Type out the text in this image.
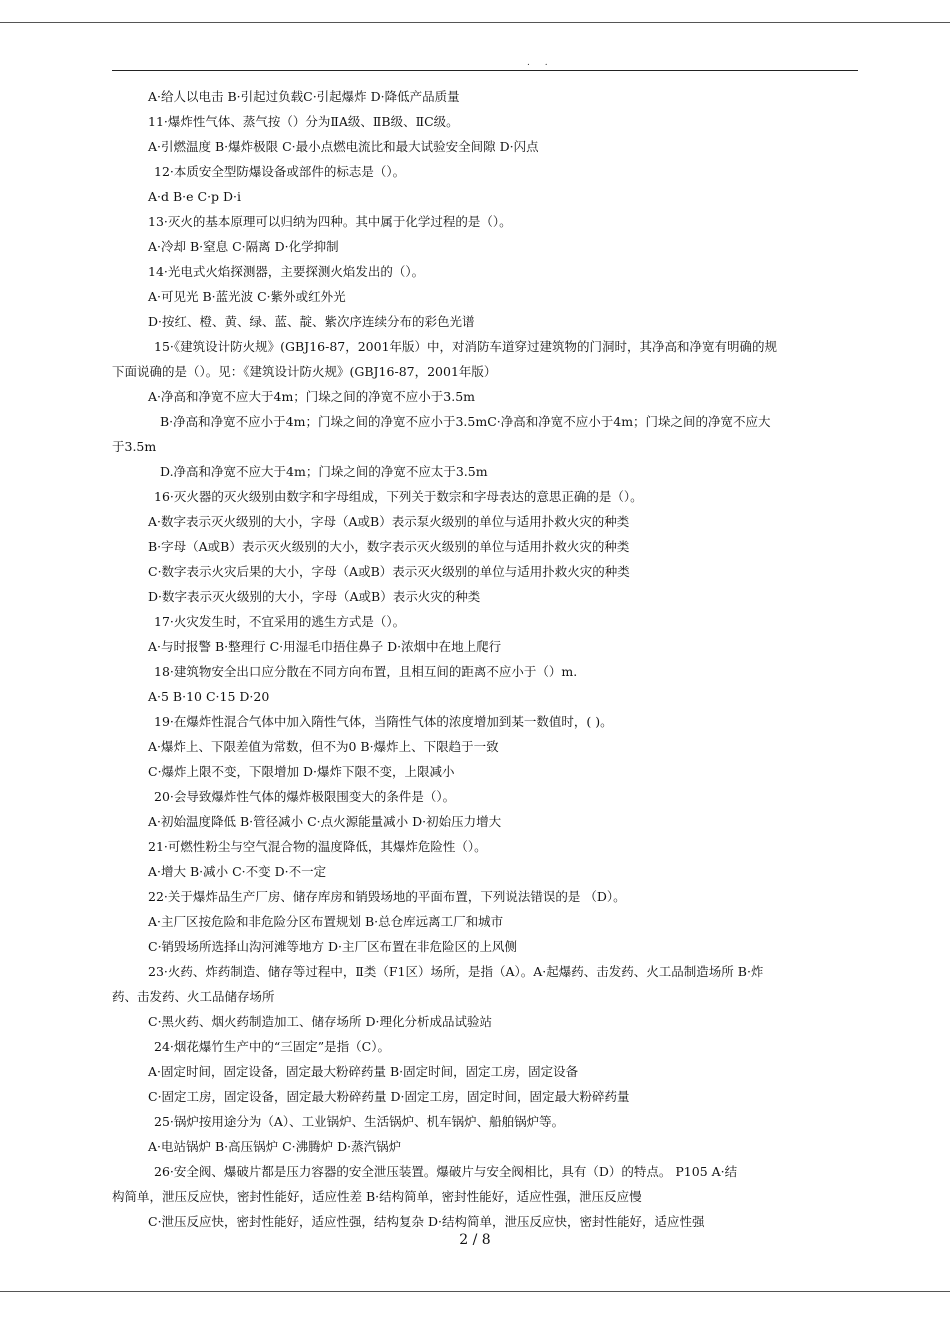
. .
A·给人以电击 B·引起过负载C·引起爆炸 D·降低产品质量
11·爆炸性气体、蒸气按（）分为ⅡA级、ⅡB级、ⅡC级。
A·引燃温度 B·爆炸极限 C·最小点燃电流比和最大试验安全间隙 D·闪点
12·本质安全型防爆设备或部件的标志是（）。
A·d B·e C·p D·i
13·灭火的基本原理可以归纳为四种。其中属于化学过程的是（）。
A·冷却 B·窒息 C·隔离 D·化学抑制
14·光电式火焰探测器，主要探测火焰发出的（）。
A·可见光 B·蓝光波 C·紫外或红外光
D·按红、橙、黄、绿、蓝、靛、紫次序连续分布的彩色光谱
15·《建筑设计防火规》(GBJ16-87，2001年版）中，对消防车道穿过建筑物的门洞时，其净高和净宽有明确的规
下面说确的是（）。见：《建筑设计防火规》(GBJ16-87，2001年版）
A·净高和净宽不应大于4m；门垛之间的净宽不应小于3.5m
B·净高和净宽不应小于4m；门垛之间的净宽不应小于3.5mC·净高和净宽不应小于4m；门垛之间的净宽不应大
于3.5m
D.净高和净宽不应大于4m；门垛之间的净宽不应太于3.5m
16·灭火器的灭火级别由数字和字母组成，下列关于数宗和字母表达的意思正确的是（）。
A·数字表示灭火级别的大小，字母（A或B）表示泵火级别的单位与适用扑救火灾的种类
B·字母（A或B）表示灭火级别的大小，数字表示灭火级别的单位与适用扑救火灾的种类
C·数字表示火灾后果的大小，字母（A或B）表示灭火级别的单位与适用扑救火灾的种类
D·数字表示灭火级别的大小，字母（A或B）表示火灾的种类
17·火灾发生时，不宜采用的逃生方式是（）。
A·与时报警 B·整理行 C·用湿毛巾捂住鼻子 D·浓烟中在地上爬行
18·建筑物安全出口应分散在不同方向布置，且相互间的距离不应小于（）m.
A·5 B·10 C·15 D·20
19·在爆炸性混合气体中加入隋性气体，当隋性气体的浓度增加到某一数值时，( )。
A·爆炸上、下限差值为常数，但不为0 B·爆炸上、下限趋于一致
C·爆炸上限不变，下限增加 D·爆炸下限不变，上限减小
20·会导致爆炸性气体的爆炸极限围变大的条件是（）。
A·初始温度降低 B·管径减小 C·点火源能量减小 D·初始压力增大
21·可燃性粉尘与空气混合物的温度降低，其爆炸危险性（）。
A·增大 B·减小 C·不变 D·不一定
22·关于爆炸品生产厂房、储存库房和销毁场地的平面布置，下列说法错误的是 （D）。
A·主厂区按危险和非危险分区布置规划 B·总仓库远离工厂和城市
C·销毁场所选择山沟河滩等地方 D·主厂区布置在非危险区的上风侧
23·火药、炸药制造、储存等过程中，Ⅱ类（F1区）场所，是指（A）。A·起爆药、击发药、火工品制造场所 B·炸
药、击发药、火工品储存场所
C·黑火药、烟火药制造加工、储存场所 D·理化分析成品试验站
24·烟花爆竹生产中的“三固定”是指（C）。
A·固定时间，固定设备，固定最大粉碎药量 B·固定时间，固定工房，固定设备
C·固定工房，固定设备，固定最大粉碎药量 D·固定工房，固定时间，固定最大粉碎药量
25·锅炉按用途分为（A）、工业锅炉、生活锅炉、机车锅炉、船舶锅炉等。
A·电站锅炉 B·高压锅炉 C·沸腾炉 D·蒸汽锅炉
26·安全阀、爆破片都是压力容器的安全泄压装置。爆破片与安全阀相比，具有（D）的特点。 P105 A·结
构简单，泄压反应快，密封性能好，适应性差 B·结构简单，密封性能好，适应性强，泄压反应慢
C·泄压反应快，密封性能好，适应性强，结构复杂 D·结构简单，泄压反应快，密封性能好，适应性强
2 / 8
